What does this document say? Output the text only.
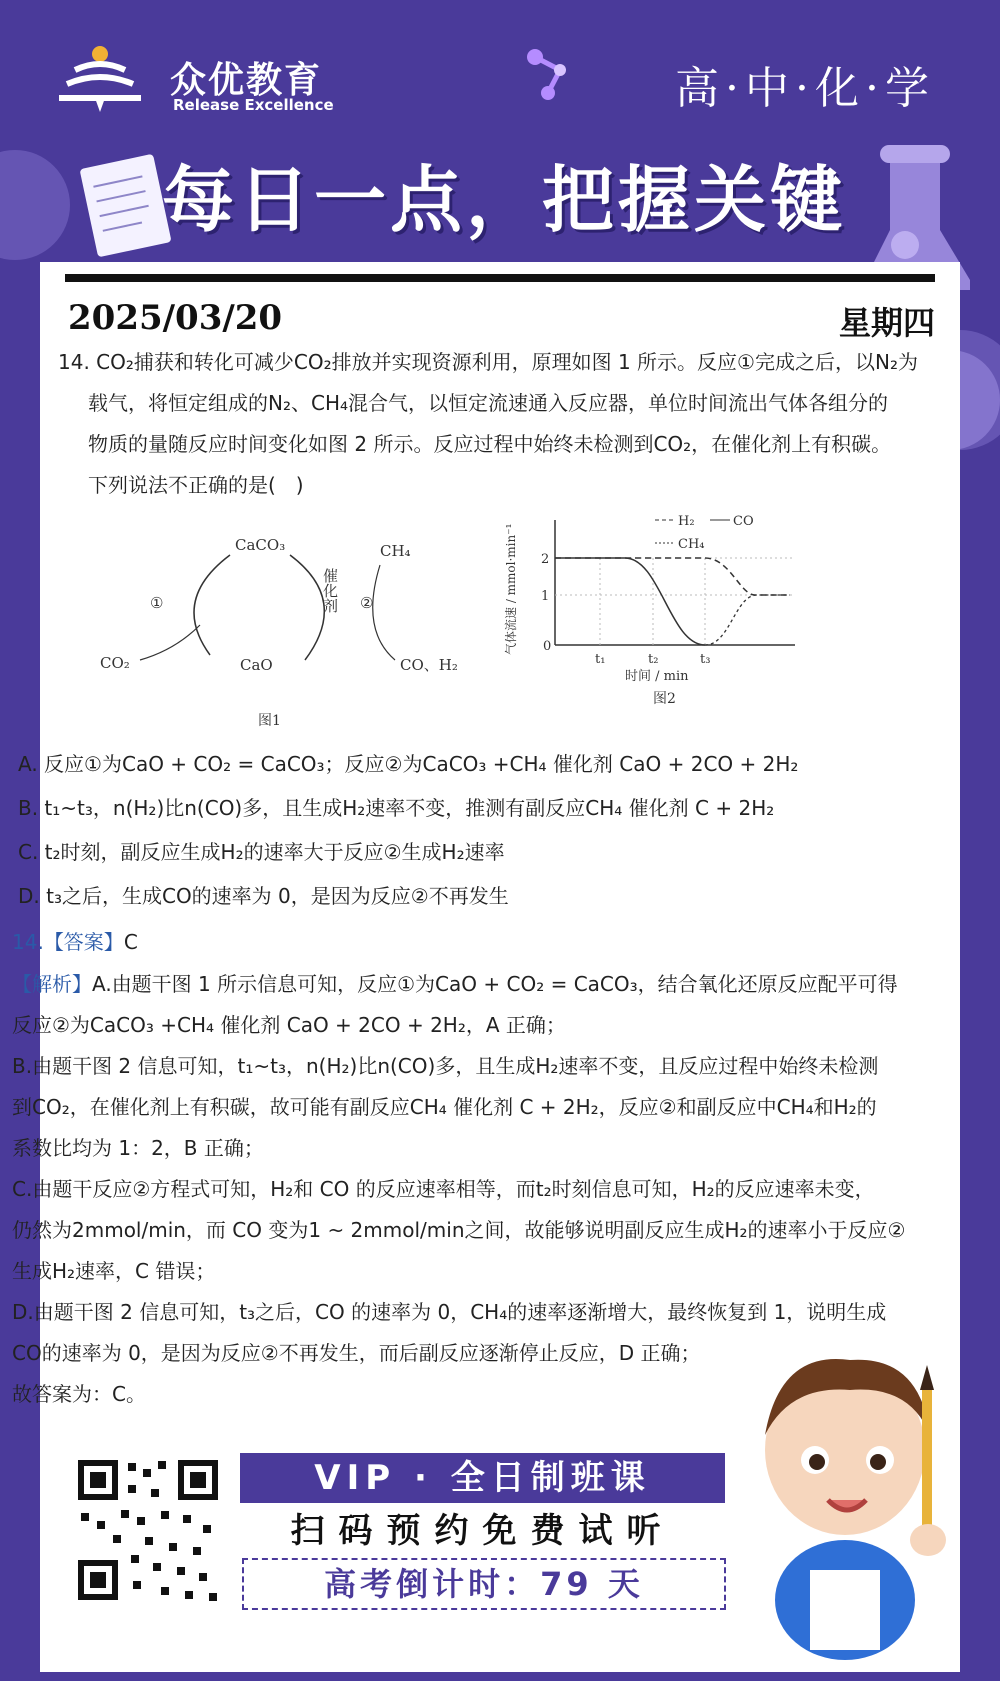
众优教育
Release Excellence	高·中·化·学
每日一点，把握关键
2025/03/20	星期四
14. CO₂捕获和转化可减少CO₂排放并实现资源利用，原理如图 1 所示。反应①完成之后，以N₂为
载气，将恒定组成的N₂、CH₄混合气，以恒定流速通入反应器，单位时间流出气体各组分的
物质的量随反应时间变化如图 2 所示。反应过程中始终未检测到CO₂，在催化剂上有积碳。
下列说法不正确的是(　)
CaCO₃
CaO
CO₂
CH₄
CO、H₂
①	②
催化剂
图1
0
t₁	t₂	t₃
1
2
H₂	CO
CH₄
气体流速 / mmol·min⁻¹
时间 / min
图2
A. 反应①为CaO + CO₂ = CaCO₃；反应②为CaCO₃ +CH₄ 催化剂 CaO + 2CO + 2H₂
B. t₁~t₃，n(H₂)比n(CO)多，且生成H₂速率不变，推测有副反应CH₄ 催化剂 C + 2H₂
C. t₂时刻，副反应生成H₂的速率大于反应②生成H₂速率
D. t₃之后，生成CO的速率为 0，是因为反应②不再发生
14.【答案】C
【解析】A.由题干图 1 所示信息可知，反应①为CaO + CO₂ = CaCO₃，结合氧化还原反应配平可得
反应②为CaCO₃ +CH₄ 催化剂 CaO + 2CO + 2H₂，A 正确；
B.由题干图 2 信息可知，t₁~t₃，n(H₂)比n(CO)多，且生成H₂速率不变，且反应过程中始终未检测
到CO₂，在催化剂上有积碳，故可能有副反应CH₄ 催化剂 C + 2H₂，反应②和副反应中CH₄和H₂的
系数比均为 1：2，B 正确；
C.由题干反应②方程式可知，H₂和 CO 的反应速率相等，而t₂时刻信息可知，H₂的反应速率未变，
仍然为2mmol/min，而 CO 变为1 ~ 2mmol/min之间，故能够说明副反应生成H₂的速率小于反应②
生成H₂速率，C 错误；
D.由题干图 2 信息可知，t₃之后，CO 的速率为 0，CH₄的速率逐渐增大，最终恢复到 1，说明生成
CO的速率为 0，是因为反应②不再发生，而后副反应逐渐停止反应，D 正确；
故答案为：C。
VIP · 全日制班课
扫码预约免费试听
高考倒计时：79 天
